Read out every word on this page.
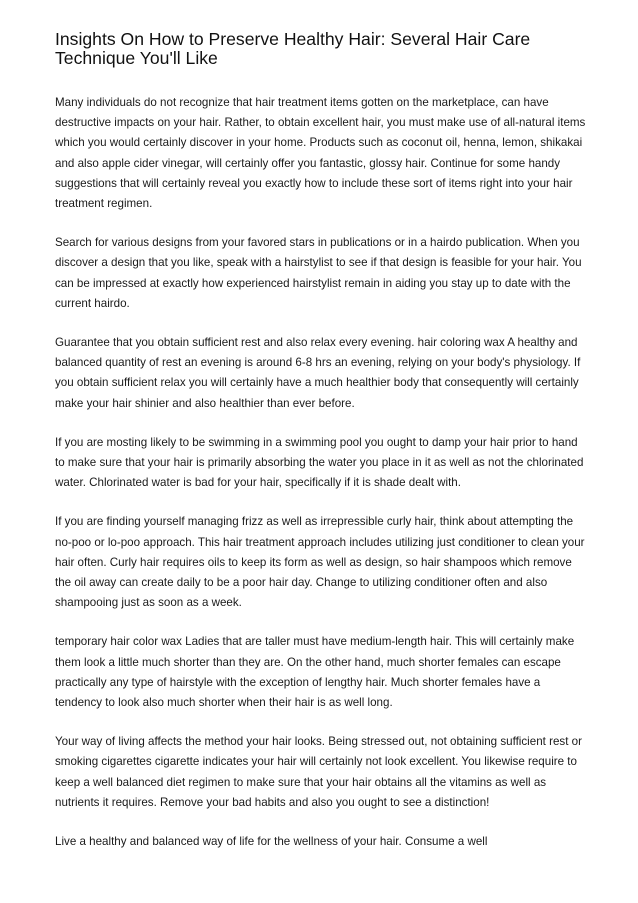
Insights On How to Preserve Healthy Hair: Several Hair Care Technique You'll Like

Many individuals do not recognize that hair treatment items gotten on the marketplace, can have destructive impacts on your hair. Rather, to obtain excellent hair, you must make use of all-natural items which you would certainly discover in your home. Products such as coconut oil, henna, lemon, shikakai and also apple cider vinegar, will certainly offer you fantastic, glossy hair. Continue for some handy suggestions that will certainly reveal you exactly how to include these sort of items right into your hair treatment regimen.

Search for various designs from your favored stars in publications or in a hairdo publication. When you discover a design that you like, speak with a hairstylist to see if that design is feasible for your hair. You can be impressed at exactly how experienced hairstylist remain in aiding you stay up to date with the current hairdo.

Guarantee that you obtain sufficient rest and also relax every evening. hair coloring wax A healthy and balanced quantity of rest an evening is around 6-8 hrs an evening, relying on your body's physiology. If you obtain sufficient relax you will certainly have a much healthier body that consequently will certainly make your hair shinier and also healthier than ever before.

If you are mosting likely to be swimming in a swimming pool you ought to damp your hair prior to hand to make sure that your hair is primarily absorbing the water you place in it as well as not the chlorinated water. Chlorinated water is bad for your hair, specifically if it is shade dealt with.

If you are finding yourself managing frizz as well as irrepressible curly hair, think about attempting the no-poo or lo-poo approach. This hair treatment approach includes utilizing just conditioner to clean your hair often. Curly hair requires oils to keep its form as well as design, so hair shampoos which remove the oil away can create daily to be a poor hair day. Change to utilizing conditioner often and also shampooing just as soon as a week.

temporary hair color wax Ladies that are taller must have medium-length hair. This will certainly make them look a little much shorter than they are. On the other hand, much shorter females can escape practically any type of hairstyle with the exception of lengthy hair. Much shorter females have a tendency to look also much shorter when their hair is as well long.

Your way of living affects the method your hair looks. Being stressed out, not obtaining sufficient rest or smoking cigarettes cigarette indicates your hair will certainly not look excellent. You likewise require to keep a well balanced diet regimen to make sure that your hair obtains all the vitamins as well as nutrients it requires. Remove your bad habits and also you ought to see a distinction!

Live a healthy and balanced way of life for the wellness of your hair. Consume a well
